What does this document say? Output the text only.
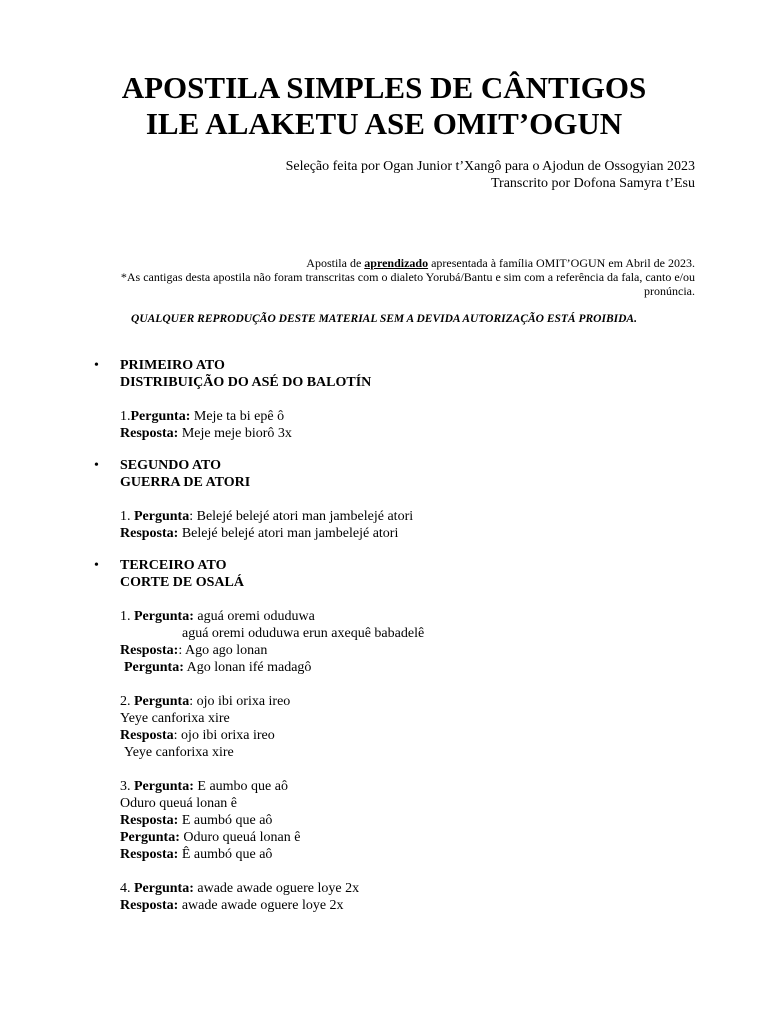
APOSTILA SIMPLES DE CÂNTIGOS
ILE ALAKETU ASE OMIT’OGUN
Seleção feita por Ogan Junior t’Xangô para o Ajodun de Ossogyian 2023
Transcrito por Dofona Samyra t’Esu
Apostila de aprendizado apresentada à família OMIT’OGUN em Abril de 2023.
*As cantigas desta apostila não foram transcritas com o dialeto Yorubá/Bantu e sim com a referência da fala, canto e/ou pronúncia.
QUALQUER REPRODUÇÃO DESTE MATERIAL SEM A DEVIDA AUTORIZAÇÃO ESTÁ PROIBIDA.
• PRIMEIRO ATO
DISTRIBUIÇÃO DO ASÉ DO BALOTÍN
1.Pergunta: Meje ta bi epê ô
Resposta: Meje meje biorô 3x
• SEGUNDO ATO
GUERRA DE ATORI
1. Pergunta: Belejé belejé atori man jambelejé atori
Resposta: Belejé belejé atori man jambelejé atori
• TERCEIRO ATO
CORTE DE OSALÁ
1. Pergunta: aguá oremi oduduwa
aguá oremi oduduwa erun axequê babadelê
Resposta:: Ago ago lonan
Pergunta: Ago lonan ifé madagô
2. Pergunta: ojo ibi orixa ireo
Yeye canforixa xire
Resposta: ojo ibi orixa ireo
Yeye canforixa xire
3. Pergunta: E aumbo que aô
Oduro queuá lonan ê
Resposta: E aumbó que aô
Pergunta: Oduro queuá lonan ê
Resposta: Ê aumbó que aô
4. Pergunta: awade awade oguere loye 2x
Resposta: awade awade oguere loye 2x
